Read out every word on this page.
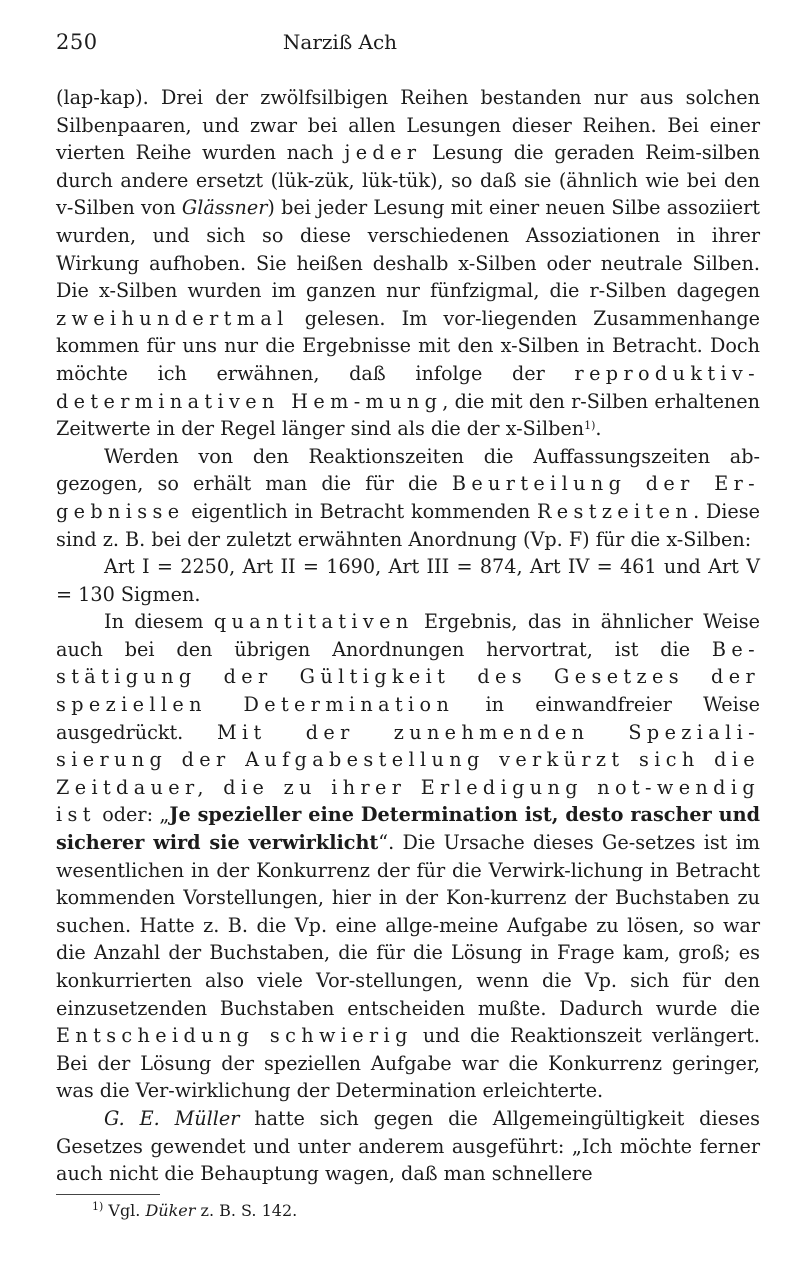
250	Narziß Ach

(lap-kap). Drei der zwölfsilbigen Reihen bestanden nur aus solchen Silbenpaaren, und zwar bei allen Lesungen dieser Reihen. Bei einer vierten Reihe wurden nach jeder Lesung die geraden Reim-silben durch andere ersetzt (lük-zük, lük-tük), so daß sie (ähnlich wie bei den v-Silben von Glässner) bei jeder Lesung mit einer neuen Silbe assoziiert wurden, und sich so diese verschiedenen Assoziationen in ihrer Wirkung aufhoben. Sie heißen deshalb x-Silben oder neutrale Silben. Die x-Silben wurden im ganzen nur fünfzigmal, die r-Silben dagegen zweihundertmal gelesen. Im vor-liegenden Zusammenhange kommen für uns nur die Ergebnisse mit den x-Silben in Betracht. Doch möchte ich erwähnen, daß infolge der reproduktiv-determinativen Hem-mung, die mit den r-Silben erhaltenen Zeitwerte in der Regel länger sind als die der x-Silben$^{1)}$.

Werden von den Reaktionszeiten die Auffassungszeiten ab-gezogen, so erhält man die für die Beurteilung der Er-gebnisse eigentlich in Betracht kommenden Restzeiten. Diese sind z. B. bei der zuletzt erwähnten Anordnung (Vp. F) für die x-Silben:

Art I = 2250, Art II = 1690, Art III = 874, Art IV = 461 und Art V = 130 Sigmen.

In diesem quantitativen Ergebnis, das in ähnlicher Weise auch bei den übrigen Anordnungen hervortrat, ist die Be-stätigung der Gültigkeit des Gesetzes der speziellen Determination in einwandfreier Weise ausgedrückt. Mit der zunehmenden Speziali-sierung der Aufgabestellung verkürzt sich die Zeitdauer, die zu ihrer Erledigung not-wendig ist oder: „Je spezieller eine Determination ist, desto rascher und sicherer wird sie verwirklicht“. Die Ursache dieses Ge-setzes ist im wesentlichen in der Konkurrenz der für die Verwirk-lichung in Betracht kommenden Vorstellungen, hier in der Kon-kurrenz der Buchstaben zu suchen. Hatte z. B. die Vp. eine allge-meine Aufgabe zu lösen, so war die Anzahl der Buchstaben, die für die Lösung in Frage kam, groß; es konkurrierten also viele Vor-stellungen, wenn die Vp. sich für den einzusetzenden Buchstaben entscheiden mußte. Dadurch wurde die Entscheidung schwierig und die Reaktionszeit verlängert. Bei der Lösung der speziellen Aufgabe war die Konkurrenz geringer, was die Ver-wirklichung der Determination erleichterte.

G. E. Müller hatte sich gegen die Allgemeingültigkeit dieses Gesetzes gewendet und unter anderem ausgeführt: „Ich möchte ferner auch nicht die Behauptung wagen, daß man schnellere

$^{1)}$ Vgl. Düker z. B. S. 142.
